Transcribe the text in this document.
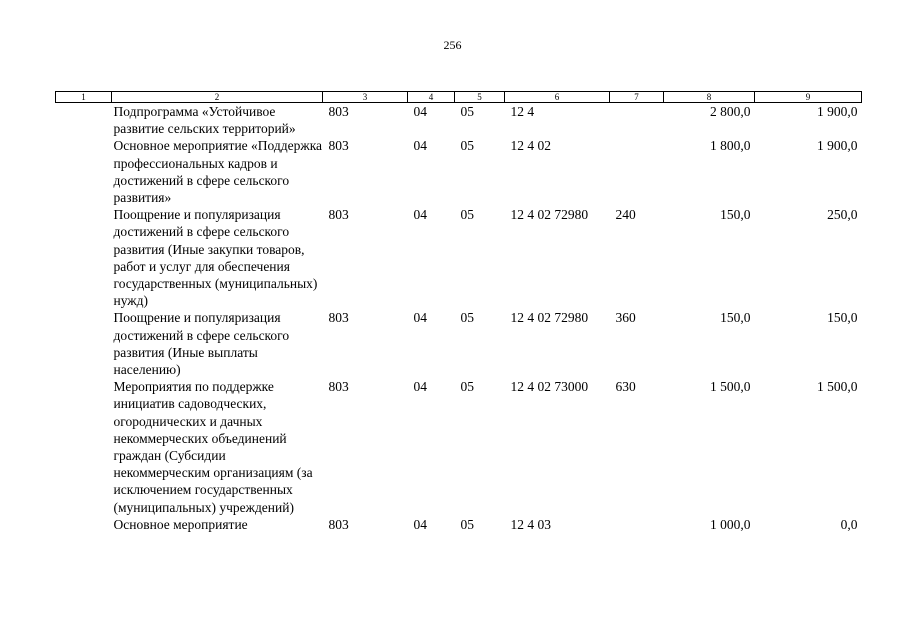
256
1	2	3	4	5	6	7	8	9
	Подпрограмма «Устойчивое развитие сельских территорий»	803	04	05	12 4		2 800,0	1 900,0
	Основное мероприятие «Поддержка профессиональных кадров и достижений в сфере сельского развития»	803	04	05	12 4 02		1 800,0	1 900,0
	Поощрение и популяризация достижений в сфере сельского развития (Иные закупки товаров, работ и услуг для обеспечения государственных (муниципальных) нужд)	803	04	05	12 4 02 72980	240	150,0	250,0
	Поощрение и популяризация достижений в сфере сельского развития (Иные выплаты населению)	803	04	05	12 4 02 72980	360	150,0	150,0
	Мероприятия по поддержке инициатив садоводческих, огороднических и дачных некоммерческих объединений граждан (Субсидии некоммерческим организациям (за исключением государственных (муниципальных) учреждений)	803	04	05	12 4 02 73000	630	1 500,0	1 500,0
	Основное мероприятие	803	04	05	12 4 03		1 000,0	0,0
